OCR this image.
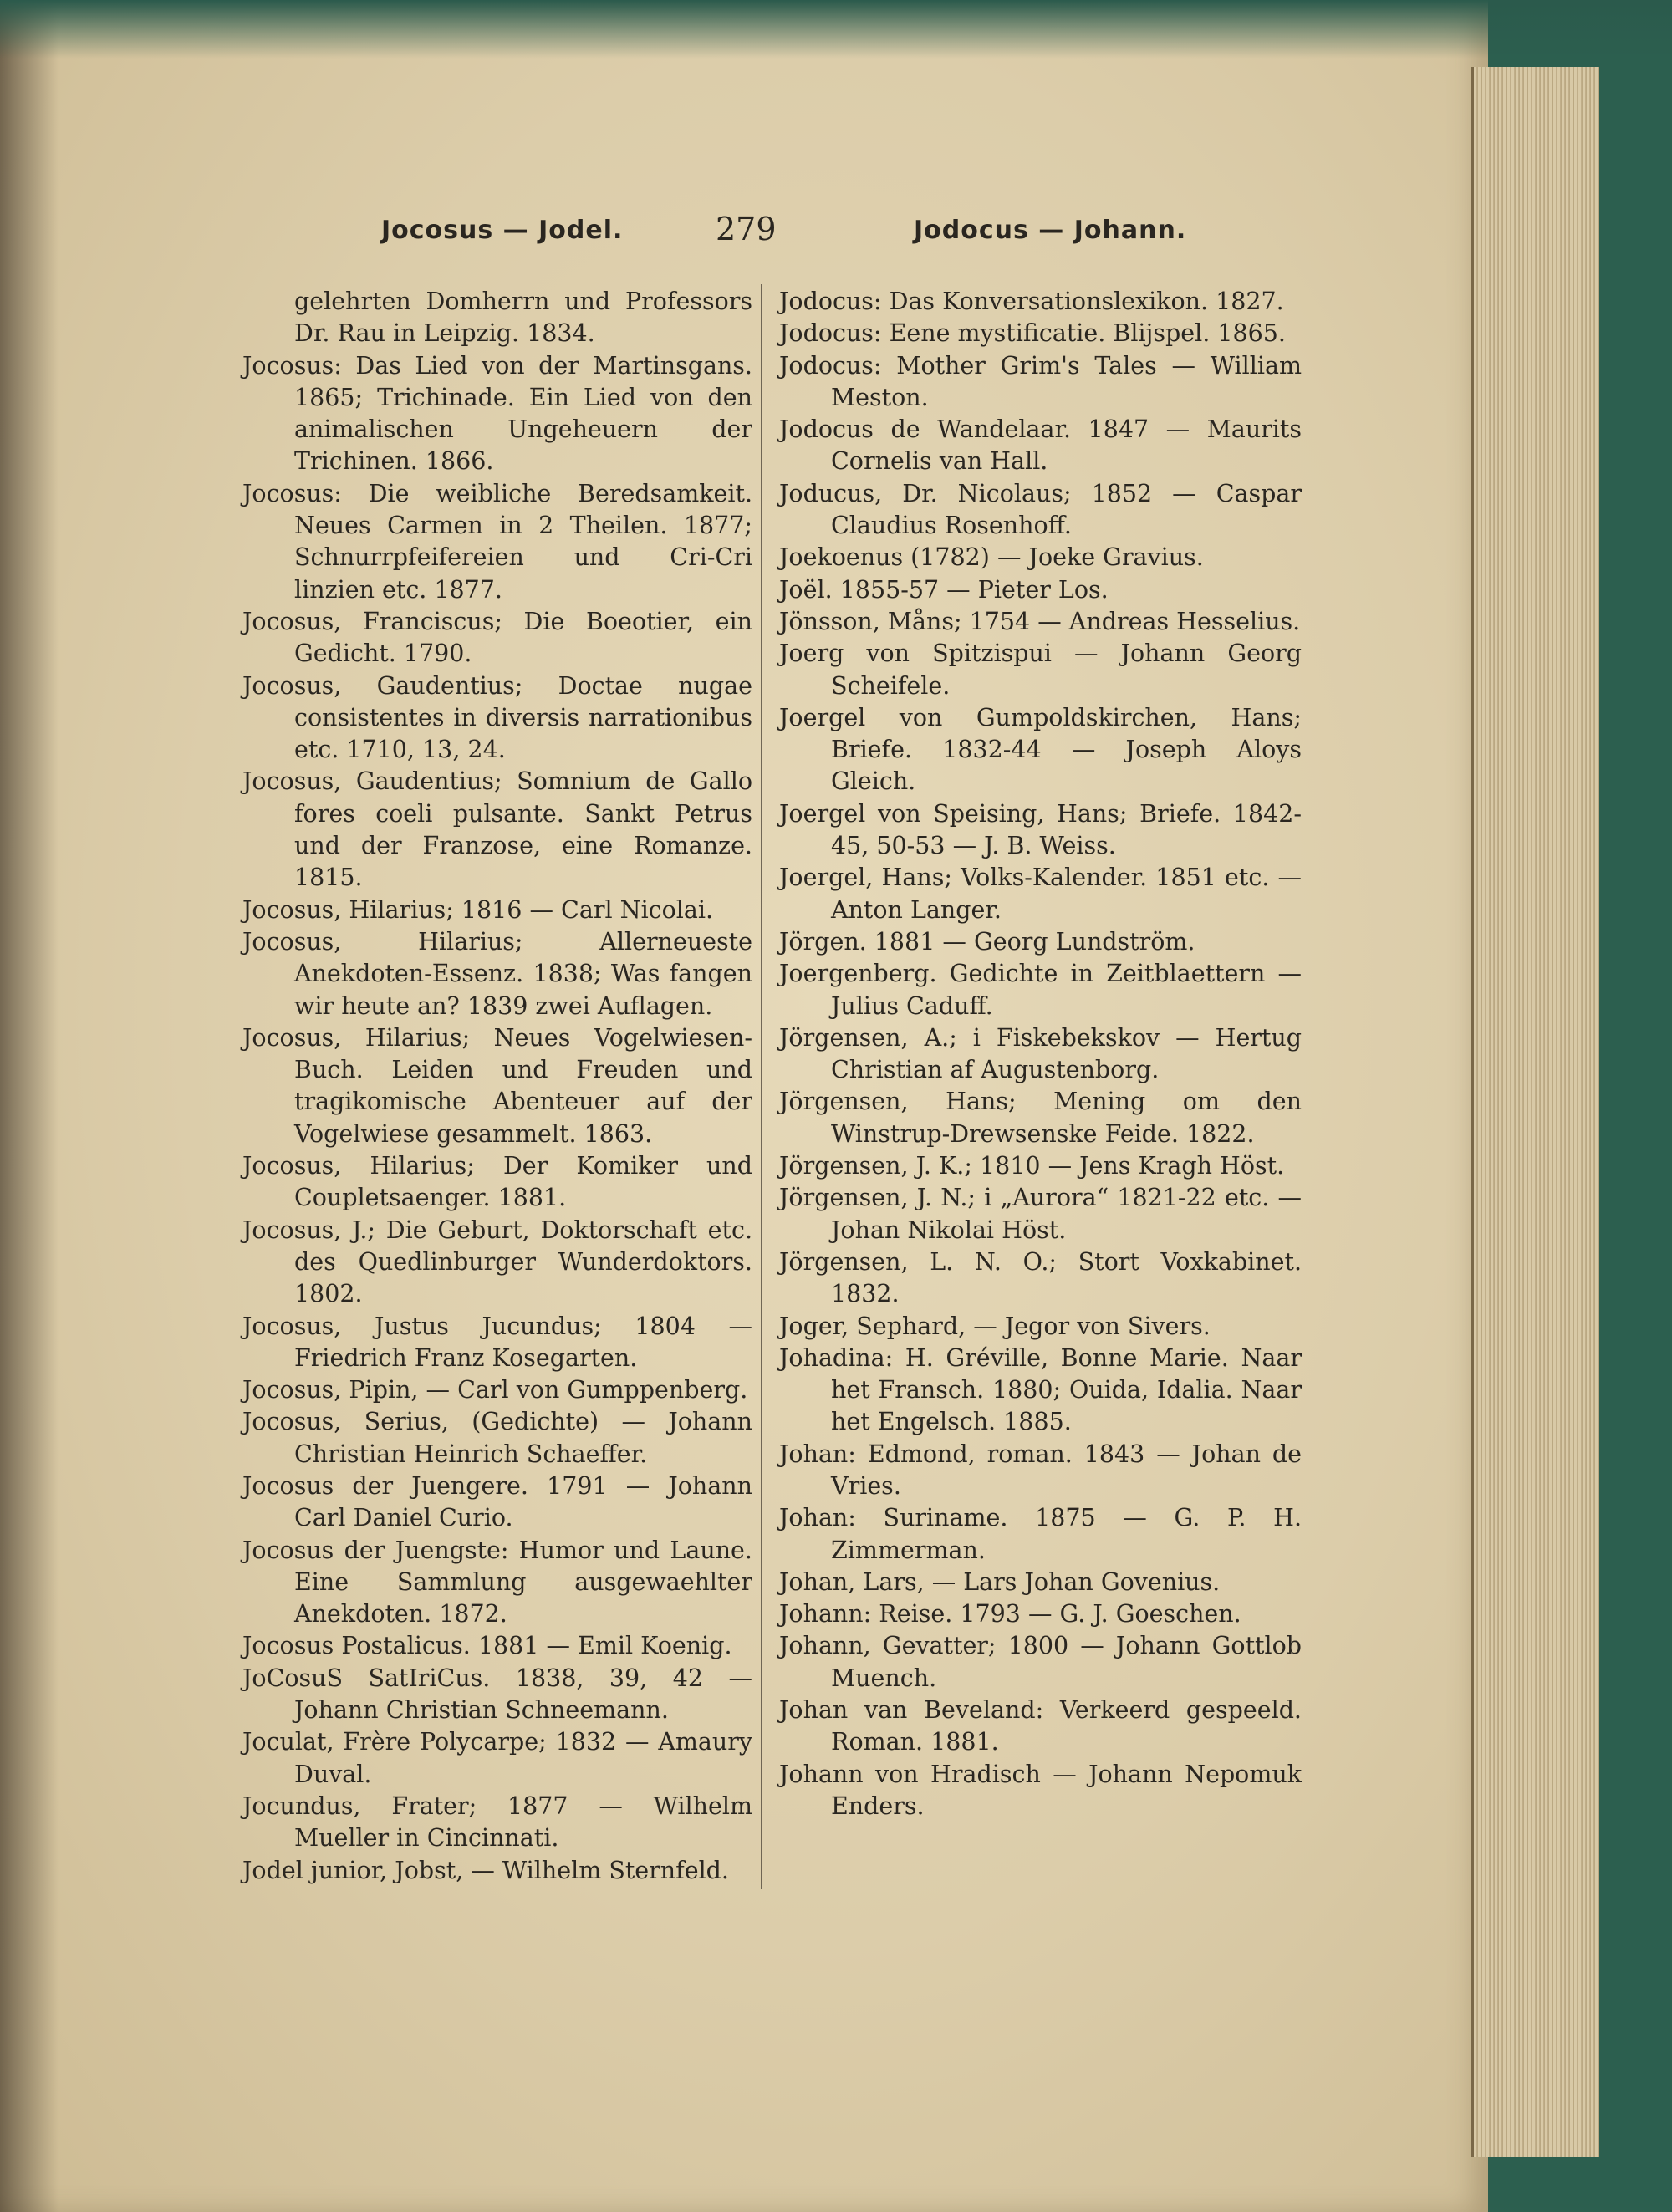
Jocosus — Jodel.	279	Jodocus — Johann.
gelehrten Domherrn und Professors Dr. Rau in Leipzig. 1834.
Jocosus: Das Lied von der Martinsgans. 1865; Trichinade. Ein Lied von den animalischen Ungeheuern der Trichinen. 1866.
Jocosus: Die weibliche Beredsamkeit. Neues Carmen in 2 Theilen. 1877; Schnurrpfeifereien und Cri-Cri linzien etc. 1877.
Jocosus, Franciscus; Die Boeotier, ein Gedicht. 1790.
Jocosus, Gaudentius; Doctae nugae consistentes in diversis narrationibus etc. 1710, 13, 24.
Jocosus, Gaudentius; Somnium de Gallo fores coeli pulsante. Sankt Petrus und der Franzose, eine Romanze. 1815.
Jocosus, Hilarius; 1816 — Carl Nicolai.
Jocosus, Hilarius; Allerneueste Anekdoten-Essenz. 1838; Was fangen wir heute an? 1839 zwei Auflagen.
Jocosus, Hilarius; Neues Vogelwiesen-Buch. Leiden und Freuden und tragikomische Abenteuer auf der Vogelwiese gesammelt. 1863.
Jocosus, Hilarius; Der Komiker und Coupletsaenger. 1881.
Jocosus, J.; Die Geburt, Doktorschaft etc. des Quedlinburger Wunderdoktors. 1802.
Jocosus, Justus Jucundus; 1804 — Friedrich Franz Kosegarten.
Jocosus, Pipin, — Carl von Gumppenberg.
Jocosus, Serius, (Gedichte) — Johann Christian Heinrich Schaeffer.
Jocosus der Juengere. 1791 — Johann Carl Daniel Curio.
Jocosus der Juengste: Humor und Laune. Eine Sammlung ausgewaehlter Anekdoten. 1872.
Jocosus Postalicus. 1881 — Emil Koenig.
JoCosuS SatIriCus. 1838, 39, 42 — Johann Christian Schneemann.
Joculat, Frère Polycarpe; 1832 — Amaury Duval.
Jocundus, Frater; 1877 — Wilhelm Mueller in Cincinnati.
Jodel junior, Jobst, — Wilhelm Sternfeld.
Jodocus: Das Konversationslexikon. 1827.
Jodocus: Eene mystificatie. Blijspel. 1865.
Jodocus: Mother Grim's Tales — William Meston.
Jodocus de Wandelaar. 1847 — Maurits Cornelis van Hall.
Joducus, Dr. Nicolaus; 1852 — Caspar Claudius Rosenhoff.
Joekoenus (1782) — Joeke Gravius.
Joël. 1855-57 — Pieter Los.
Jönsson, Måns; 1754 — Andreas Hesselius.
Joerg von Spitzispui — Johann Georg Scheifele.
Joergel von Gumpoldskirchen, Hans; Briefe. 1832-44 — Joseph Aloys Gleich.
Joergel von Speising, Hans; Briefe. 1842-45, 50-53 — J. B. Weiss.
Joergel, Hans; Volks-Kalender. 1851 etc. — Anton Langer.
Jörgen. 1881 — Georg Lundström.
Joergenberg. Gedichte in Zeitblaettern — Julius Caduff.
Jörgensen, A.; i Fiskebekskov — Hertug Christian af Augustenborg.
Jörgensen, Hans; Mening om den Winstrup-Drewsenske Feide. 1822.
Jörgensen, J. K.; 1810 — Jens Kragh Höst.
Jörgensen, J. N.; i „Aurora“ 1821-22 etc. — Johan Nikolai Höst.
Jörgensen, L. N. O.; Stort Voxkabinet. 1832.
Joger, Sephard, — Jegor von Sivers.
Johadina: H. Gréville, Bonne Marie. Naar het Fransch. 1880; Ouida, Idalia. Naar het Engelsch. 1885.
Johan: Edmond, roman. 1843 — Johan de Vries.
Johan: Suriname. 1875 — G. P. H. Zimmerman.
Johan, Lars, — Lars Johan Govenius.
Johann: Reise. 1793 — G. J. Goeschen.
Johann, Gevatter; 1800 — Johann Gottlob Muench.
Johan van Beveland: Verkeerd gespeeld. Roman. 1881.
Johann von Hradisch — Johann Nepomuk Enders.
